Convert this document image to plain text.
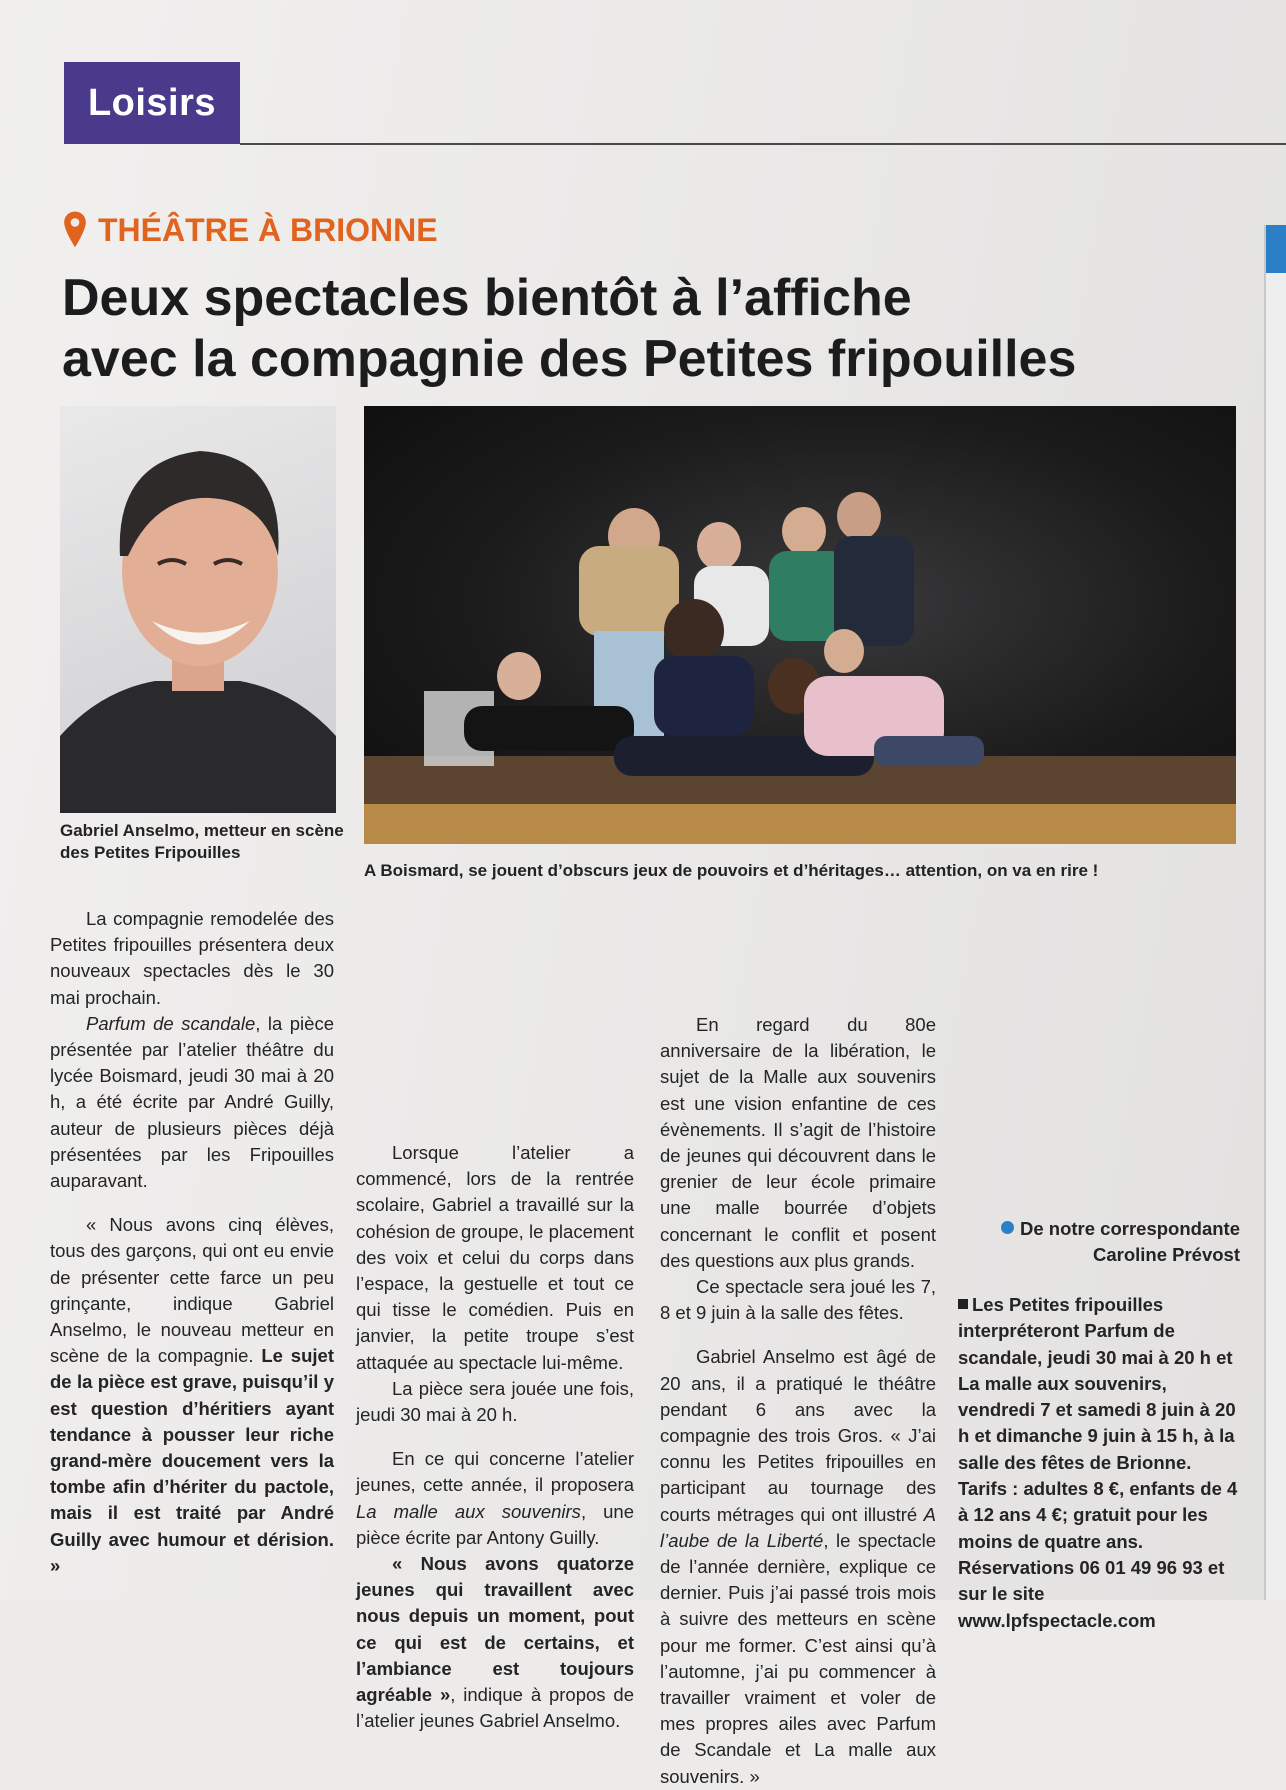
Loisirs
THÉÂTRE À BRIONNE
Deux spectacles bientôt à l’affiche
avec la compagnie des Petites fripouilles
Gabriel Anselmo, metteur en scène des Petites Fripouilles
A Boismard, se jouent d’obscurs jeux de pouvoirs et d’héritages… attention, on va en rire !

La compagnie remodelée des Petites fripouilles présentera deux nouveaux spectacles dès le 30 mai prochain.

Parfum de scandale, la pièce présentée par l’atelier théâtre du lycée Boismard, jeudi 30 mai à 20 h, a été écrite par André Guilly, auteur de plusieurs pièces déjà présentées par les Fripouilles auparavant.

« Nous avons cinq élèves, tous des garçons, qui ont eu envie de présenter cette farce un peu grinçante, indique Gabriel Anselmo, le nouveau metteur en scène de la compagnie. Le sujet de la pièce est grave, puisqu’il y est question d’héritiers ayant tendance à pousser leur riche grand-mère doucement vers la tombe afin d’hériter du pactole, mais il est traité par André Guilly avec humour et dérision. »

Lorsque l’atelier a commencé, lors de la rentrée scolaire, Gabriel a travaillé sur la cohésion de groupe, le placement des voix et celui du corps dans l’espace, la gestuelle et tout ce qui tisse le comédien. Puis en janvier, la petite troupe s’est attaquée au spectacle lui-même.

La pièce sera jouée une fois, jeudi 30 mai à 20 h.

En ce qui concerne l’atelier jeunes, cette année, il proposera La malle aux souvenirs, une pièce écrite par Antony Guilly.

« Nous avons quatorze jeunes qui travaillent avec nous depuis un moment, pout ce qui est de certains, et l’ambiance est toujours agréable », indique à propos de l’atelier jeunes Gabriel Anselmo.

En regard du 80e anniversaire de la libération, le sujet de la Malle aux souvenirs est une vision enfantine de ces évènements. Il s’agit de l’histoire de jeunes qui découvrent dans le grenier de leur école primaire une malle bourrée d’objets concernant le conflit et posent des questions aux plus grands.

Ce spectacle sera joué les 7, 8 et 9 juin à la salle des fêtes.

Gabriel Anselmo est âgé de 20 ans, il a pratiqué le théâtre pendant 6 ans avec la compagnie des trois Gros. « J’ai connu les Petites fripouilles en participant au tournage des courts métrages qui ont illustré A l’aube de la Liberté, le spectacle de l’année dernière, explique ce dernier. Puis j’ai passé trois mois à suivre des metteurs en scène pour me former. C’est ainsi qu’à l’automne, j’ai pu commencer à travailler vraiment et voler de mes propres ailes avec Parfum de Scandale et La malle aux souvenirs. »

De notre correspondante
Caroline Prévost
Les Petites fripouilles interpréteront Parfum de scandale, jeudi 30 mai à 20 h et La malle aux souvenirs, vendredi 7 et samedi 8 juin à 20 h et dimanche 9 juin à 15 h, à la salle des fêtes de Brionne. Tarifs : adultes 8 €, enfants de 4 à 12 ans 4 €; gratuit pour les moins de quatre ans. Réservations 06 01 49 96 93 et sur le site www.lpfspectacle.com
